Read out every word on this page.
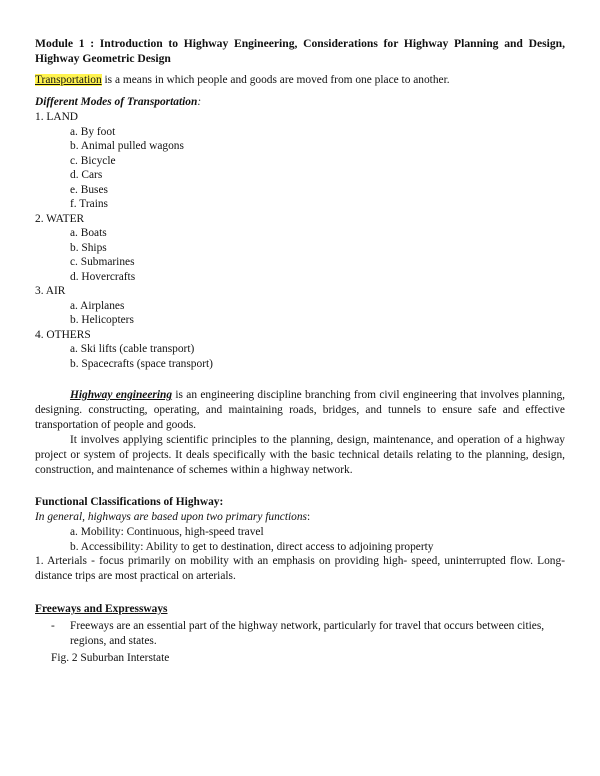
Module 1 : Introduction to Highway Engineering, Considerations for Highway Planning and Design, Highway Geometric Design

Transportation is a means in which people and goods are moved from one place to another.

Different Modes of Transportation:

1. LAND

a. By foot

b. Animal pulled wagons

c. Bicycle

d. Cars

e. Buses

f. Trains

2. WATER

a. Boats

b. Ships

c. Submarines

d. Hovercrafts

3. AIR

a. Airplanes

b. Helicopters

4. OTHERS

a. Ski lifts (cable transport)

b. Spacecrafts (space transport)

Highway engineering is an engineering discipline branching from civil engineering that involves planning, designing. constructing, operating, and maintaining roads, bridges, and tunnels to ensure safe and effective transportation of people and goods.

It involves applying scientific principles to the planning, design, maintenance, and operation of a highway project or system of projects. It deals specifically with the basic technical details relating to the planning, design, construction, and maintenance of schemes within a highway network.

Functional Classifications of Highway:

In general, highways are based upon two primary functions:

a. Mobility: Continuous, high-speed travel

b. Accessibility: Ability to get to destination, direct access to adjoining property

1. Arterials - focus primarily on mobility with an emphasis on providing high- speed, uninterrupted flow. Long-distance trips are most practical on arterials.

Freeways and Expressways

-	Freeways are an essential part of the highway network, particularly for travel that occurs between cities, regions, and states.

Fig. 2 Suburban Interstate
